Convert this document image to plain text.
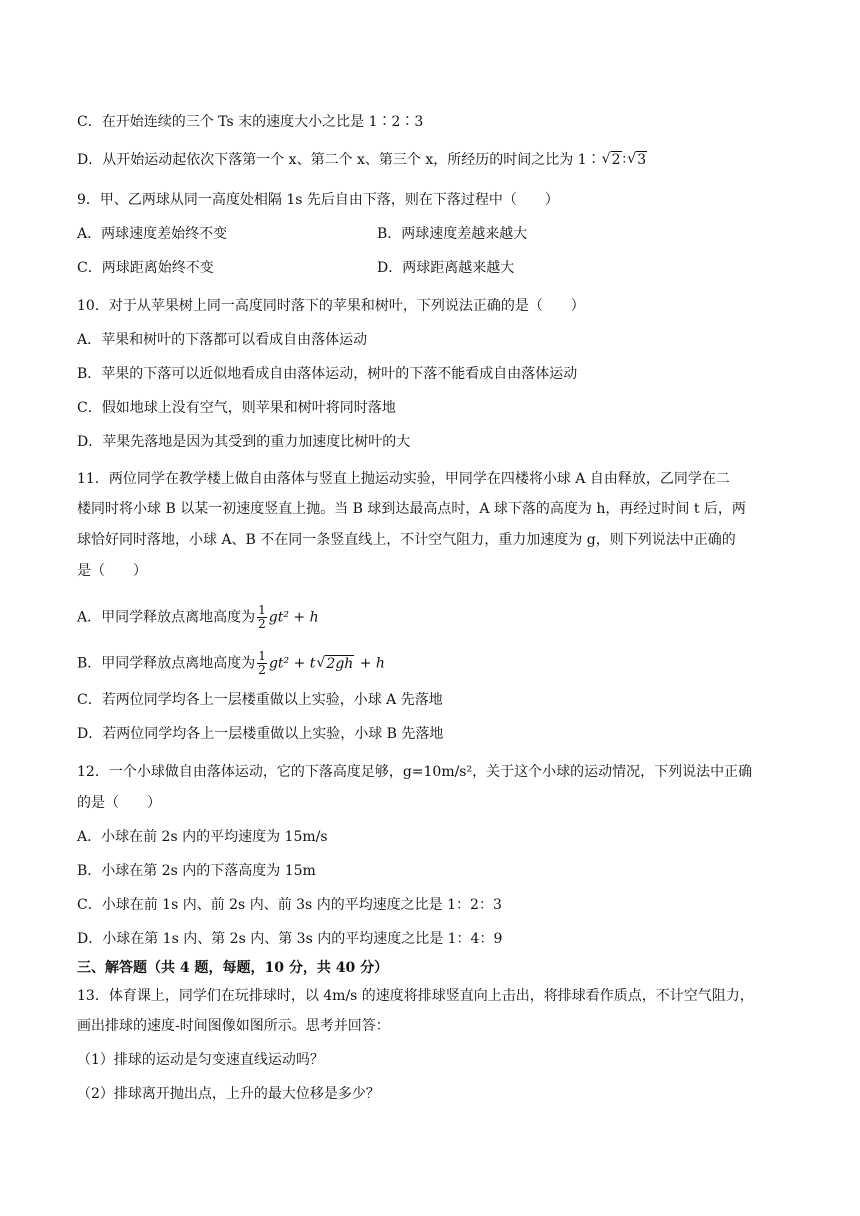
C．在开始连续的三个 Ts 末的速度大小之比是 1∶2∶3
D．从开始运动起依次下落第一个 x、第二个 x、第三个 x，所经历的时间之比为 1∶√ 2 ∶√ 3
9．甲、乙两球从同一高度处相隔 1s 先后自由下落，则在下落过程中（　　）
A．两球速度差始终不变	B．两球速度差越来越大
C．两球距离始终不变	D．两球距离越来越大
10．对于从苹果树上同一高度同时落下的苹果和树叶，下列说法正确的是（　　）
A．苹果和树叶的下落都可以看成自由落体运动
B．苹果的下落可以近似地看成自由落体运动，树叶的下落不能看成自由落体运动
C．假如地球上没有空气，则苹果和树叶将同时落地
D．苹果先落地是因为其受到的重力加速度比树叶的大
11．两位同学在教学楼上做自由落体与竖直上抛运动实验，甲同学在四楼将小球 A 自由释放，乙同学在二
楼同时将小球 B 以某一初速度竖直上抛。当 B 球到达最高点时，A 球下落的高度为 h，再经过时间 t 后，两
球恰好同时落地，小球 A、B 不在同一条竖直线上，不计空气阻力，重力加速度为 g，则下列说法中正确的
是（　　）
A．甲同学释放点离地高度为 $\frac{1}{2} gt^2 + h$
B．甲同学释放点离地高度为 $\frac{1}{2} gt^2 + t√$ 2gh + h
C．若两位同学均各上一层楼重做以上实验，小球 A 先落地
D．若两位同学均各上一层楼重做以上实验，小球 B 先落地
12．一个小球做自由落体运动，它的下落高度足够，g=10m/s²，关于这个小球的运动情况，下列说法中正确
的是（　　）
A．小球在前 2s 内的平均速度为 15m/s
B．小球在第 2s 内的下落高度为 15m
C．小球在前 1s 内、前 2s 内、前 3s 内的平均速度之比是 1：2：3
D．小球在第 1s 内、第 2s 内、第 3s 内的平均速度之比是 1：4：9
三、解答题（共 4 题，每题，10 分，共 40 分）
13．体育课上，同学们在玩排球时，以 4m/s 的速度将排球竖直向上击出，将排球看作质点，不计空气阻力，
画出排球的速度-时间图像如图所示。思考并回答：
（1）排球的运动是匀变速直线运动吗？
（2）排球离开抛出点，上升的最大位移是多少？
